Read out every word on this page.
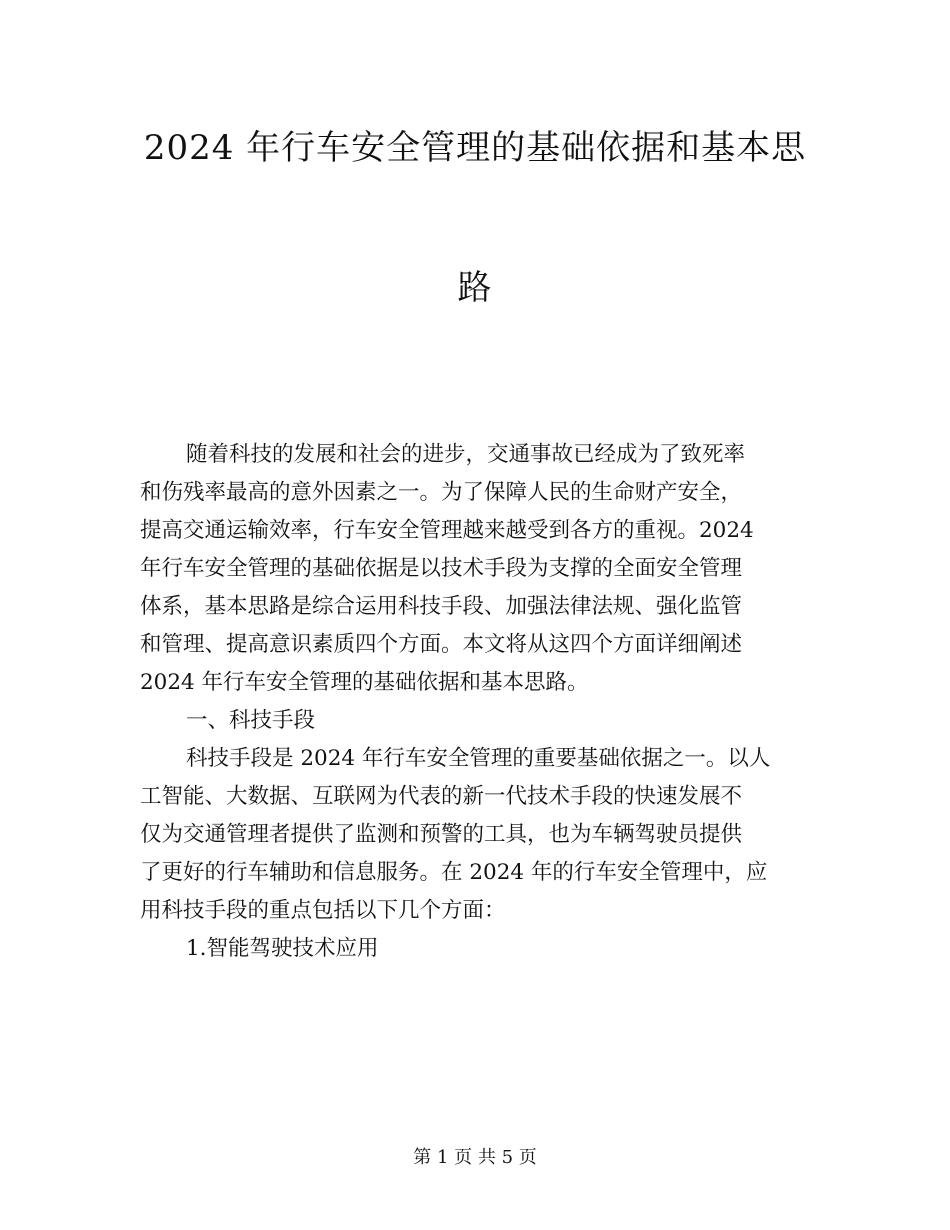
2024 年行车安全管理的基础依据和基本思
路
随着科技的发展和社会的进步，交通事故已经成为了致死率
和伤残率最高的意外因素之一。为了保障人民的生命财产安全，
提高交通运输效率，行车安全管理越来越受到各方的重视。2024
年行车安全管理的基础依据是以技术手段为支撑的全面安全管理
体系，基本思路是综合运用科技手段、加强法律法规、强化监管
和管理、提高意识素质四个方面。本文将从这四个方面详细阐述
2024 年行车安全管理的基础依据和基本思路。
一、科技手段
科技手段是 2024 年行车安全管理的重要基础依据之一。以人
工智能、大数据、互联网为代表的新一代技术手段的快速发展不
仅为交通管理者提供了监测和预警的工具，也为车辆驾驶员提供
了更好的行车辅助和信息服务。在 2024 年的行车安全管理中，应
用科技手段的重点包括以下几个方面：
1.智能驾驶技术应用
第 1 页 共 5 页
